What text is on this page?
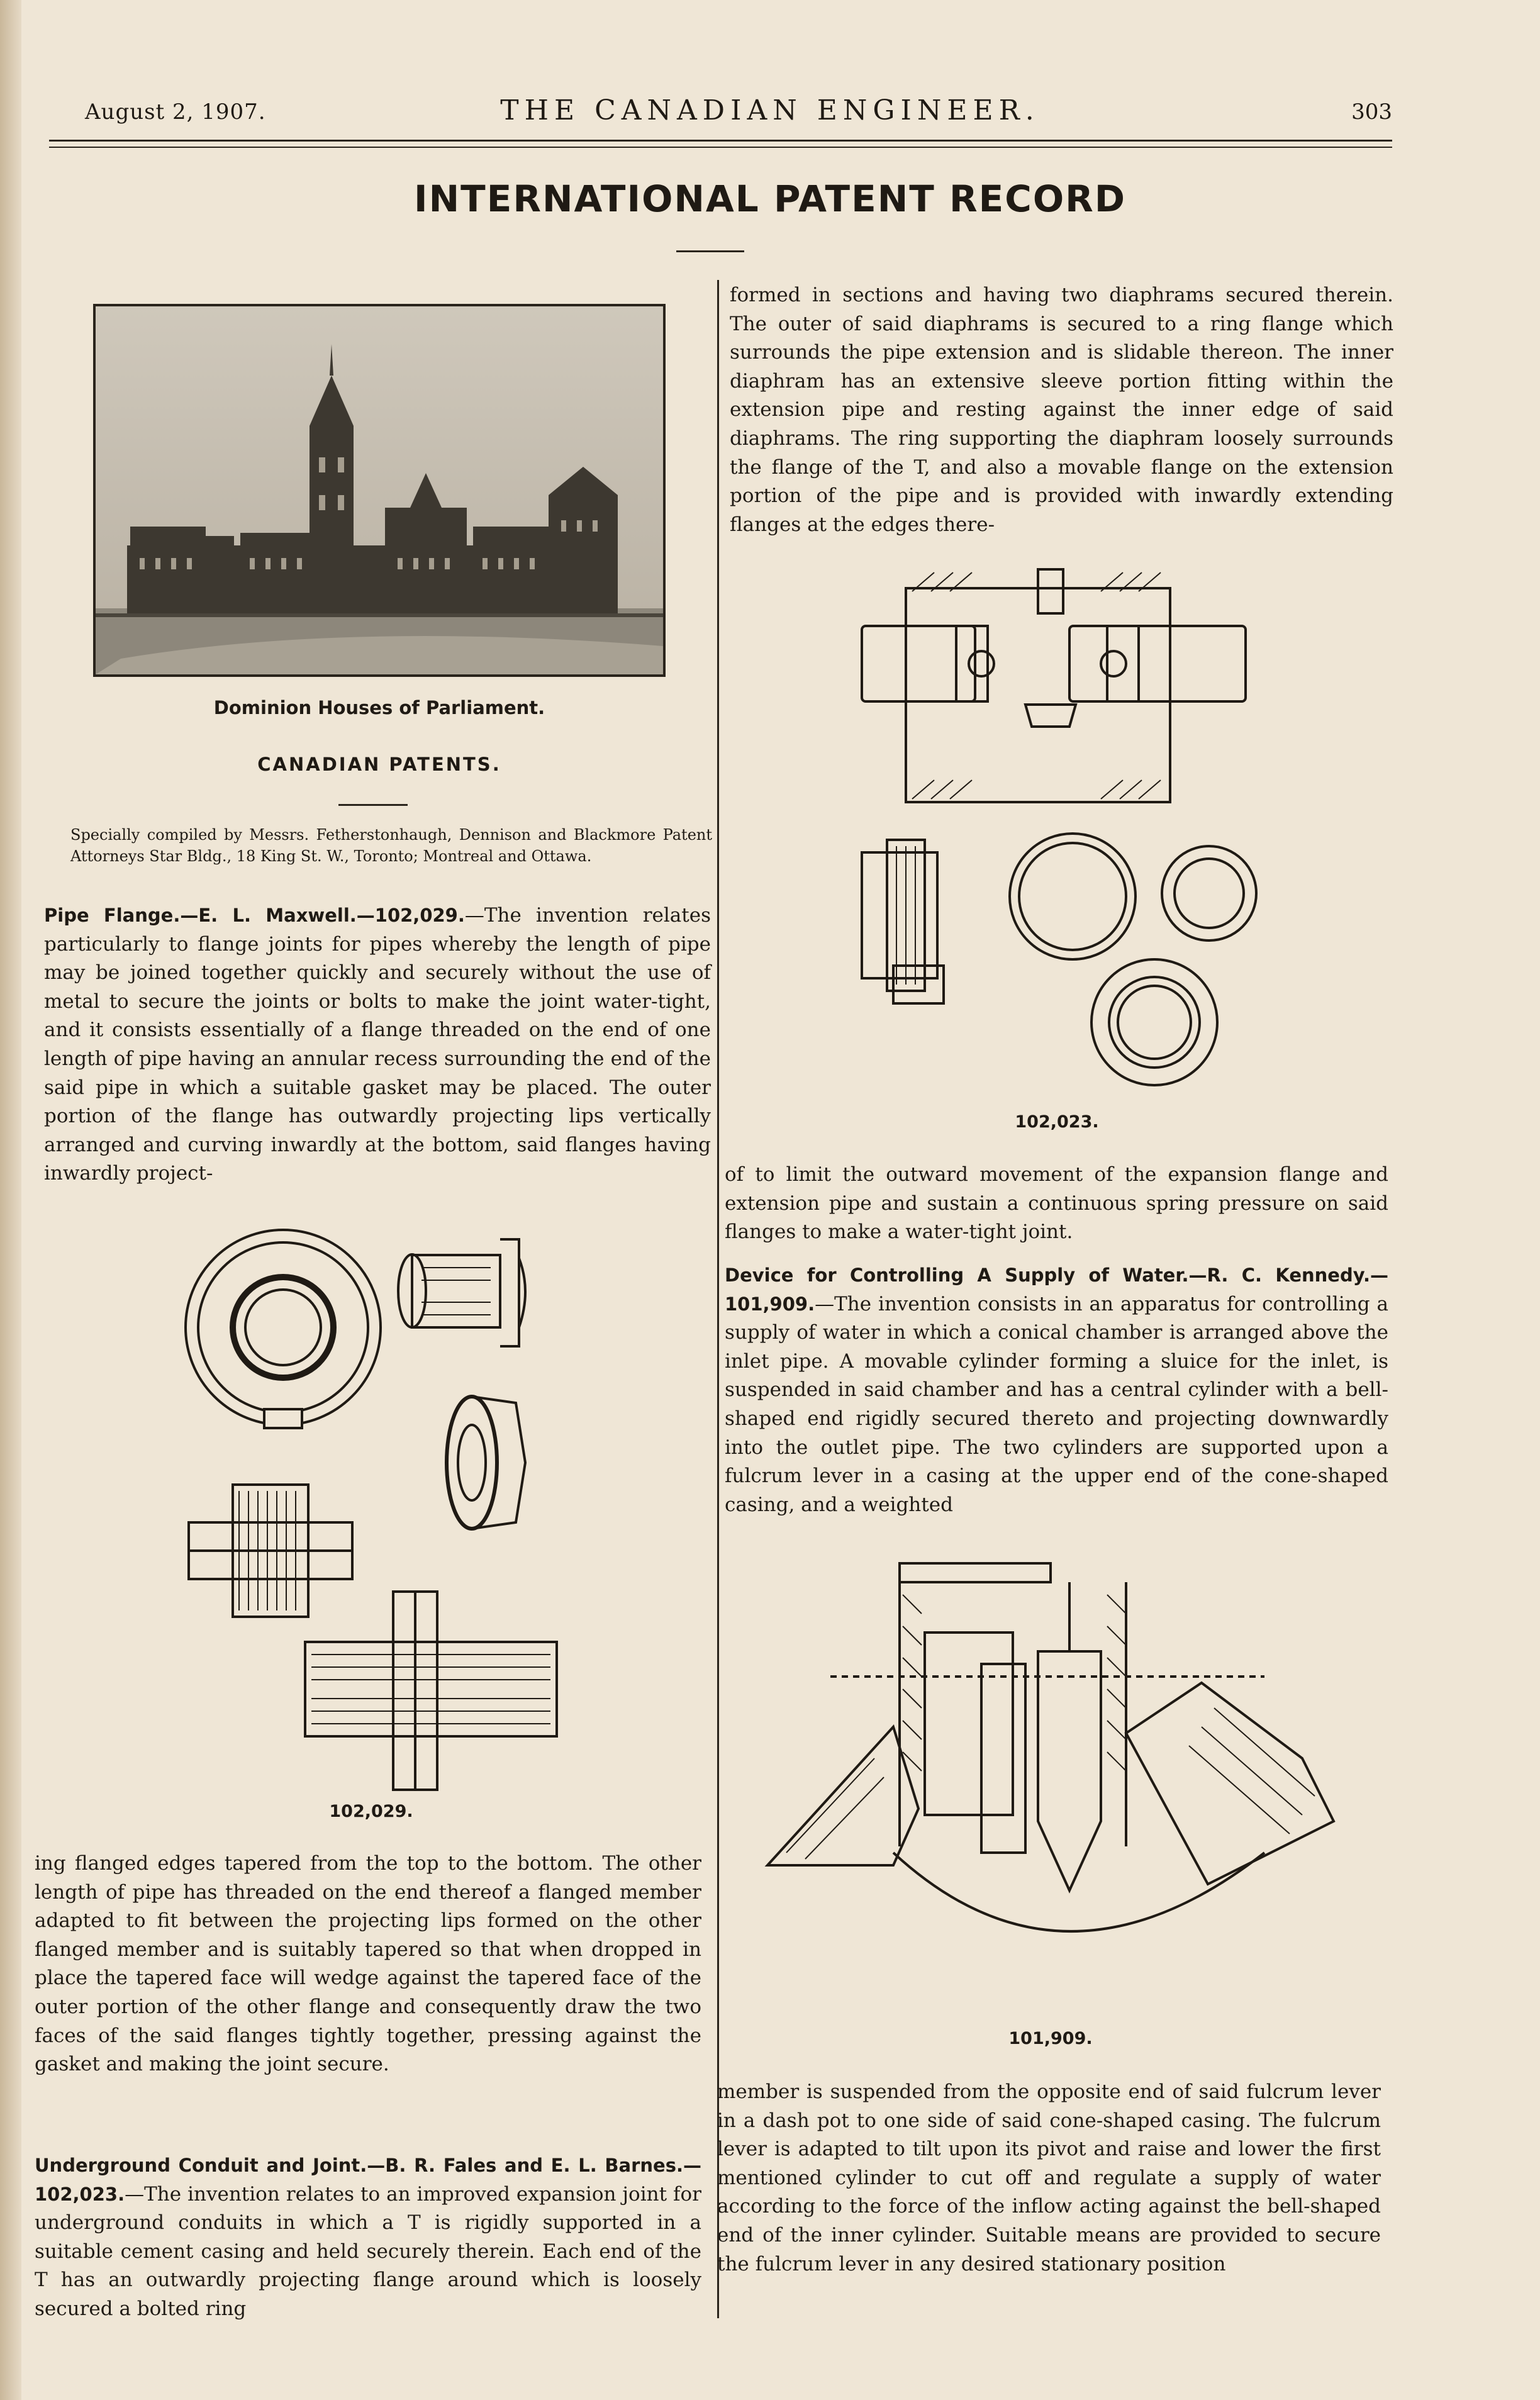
August 2, 1907.	THE CANADIAN ENGINEER.	303
INTERNATIONAL PATENT RECORD
Dominion Houses of Parliament.
CANADIAN PATENTS.

Specially compiled by Messrs. Fetherstonhaugh, Dennison and Blackmore Patent Attorneys Star Bldg., 18 King St. W., Toronto; Montreal and Ottawa.

Pipe Flange.—E. L. Maxwell.—102,029.—The invention relates particularly to flange joints for pipes whereby the length of pipe may be joined together quickly and securely without the use of metal to secure the joints or bolts to make the joint water-tight, and it consists essentially of a flange threaded on the end of one length of pipe having an annular recess surrounding the end of the said pipe in which a suitable gasket may be placed. The outer portion of the flange has outwardly projecting lips vertically arranged and curving inwardly at the bottom, said flanges having inwardly project-

102,029.

ing flanged edges tapered from the top to the bottom. The other length of pipe has threaded on the end thereof a flanged member adapted to fit between the projecting lips formed on the other flanged member and is suitably tapered so that when dropped in place the tapered face will wedge against the tapered face of the outer portion of the other flange and consequently draw the two faces of the said flanges tightly together, pressing against the gasket and making the joint secure.

Underground Conduit and Joint.—B. R. Fales and E. L. Barnes.—102,023.—The invention relates to an improved expansion joint for underground conduits in which a T is rigidly supported in a suitable cement casing and held securely therein. Each end of the T has an outwardly projecting flange around which is loosely secured a bolted ring

formed in sections and having two diaphrams secured therein. The outer of said diaphrams is secured to a ring flange which surrounds the pipe extension and is slidable thereon. The inner diaphram has an extensive sleeve portion fitting within the extension pipe and resting against the inner edge of said diaphrams. The ring supporting the diaphram loosely surrounds the flange of the T, and also a movable flange on the extension portion of the pipe and is provided with inwardly extending flanges at the edges there-

102,023.

of to limit the outward movement of the expansion flange and extension pipe and sustain a continuous spring pressure on said flanges to make a water-tight joint.

Device for Controlling A Supply of Water.—R. C. Kennedy.—101,909.—The invention consists in an apparatus for controlling a supply of water in which a conical chamber is arranged above the inlet pipe. A movable cylinder forming a sluice for the inlet, is suspended in said chamber and has a central cylinder with a bell-shaped end rigidly secured thereto and projecting downwardly into the outlet pipe. The two cylinders are supported upon a fulcrum lever in a casing at the upper end of the cone-shaped casing, and a weighted

101,909.

member is suspended from the opposite end of said fulcrum lever in a dash pot to one side of said cone-shaped casing. The fulcrum lever is adapted to tilt upon its pivot and raise and lower the first mentioned cylinder to cut off and regulate a supply of water according to the force of the inflow acting against the bell-shaped end of the inner cylinder. Suitable means are provided to secure the fulcrum lever in any desired stationary position
